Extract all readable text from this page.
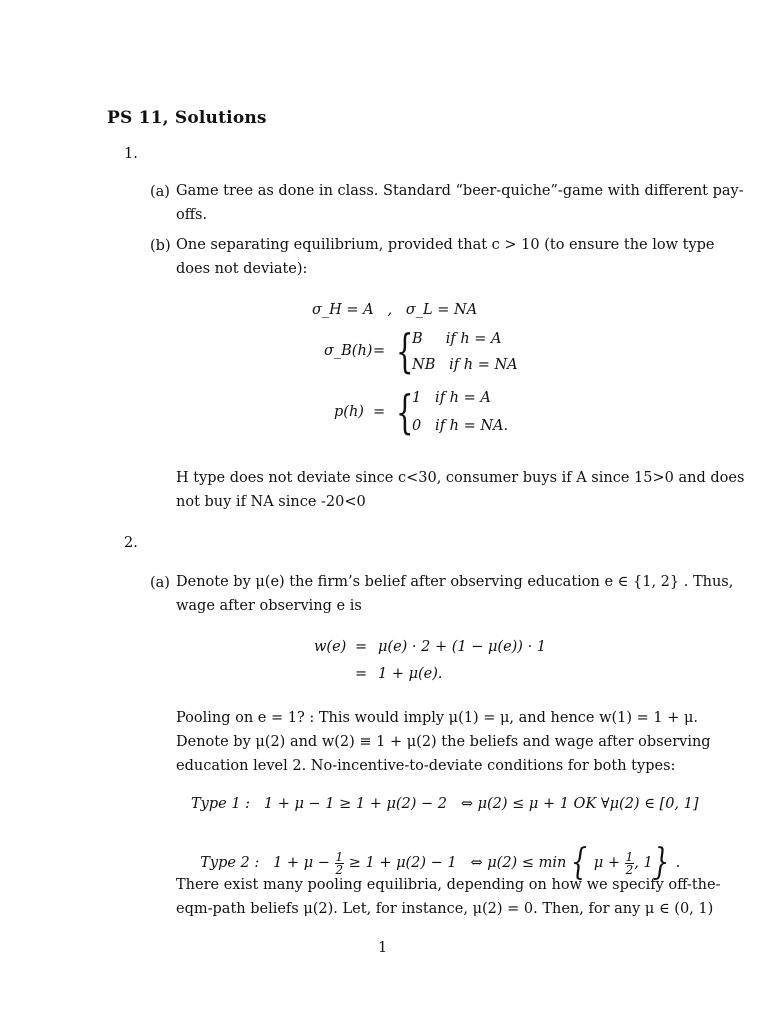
PS 11, Solutions
1.
(a) Game tree as done in class. Standard “beer-quiche”-game with different pay-
offs.
(b) One separating equilibrium, provided that c > 10 (to ensure the low type
does not deviate):
σ_H = A   ,   σ_L = NA
σ_B(h) = {
B     if h = A
NB   if h = NA
p(h) = {
1   if h = A
0   if h = NA.
H type does not deviate since c<30, consumer buys if A since 15>0 and does
not buy if NA since -20<0
2.
(a) Denote by μ(e) the firm’s belief after observing education e ∈ {1, 2} . Thus,
wage after observing e is
w(e) = μ(e) · 2 + (1 − μ(e)) · 1
= 1 + μ(e).
Pooling on e = 1? : This would imply μ(1) = μ, and hence w(1) = 1 + μ.
Denote by μ(2) and w(2) ≡ 1 + μ(2) the beliefs and wage after observing
education level 2. No-incentive-to-deviate conditions for both types:
Type 1 :   1 + μ − 1 ≥ 1 + μ(2) − 2   ⇔ μ(2) ≤ μ + 1 OK ∀μ(2) ∈ [0, 1]

Type 2 :   $1 + \mu - \frac{1}{2} \ge 1 + \mu(2) - 1$   ⇔ μ(2) ≤ min { $\mu + \frac{1}{2}$ , 1} .

There exist many pooling equilibria, depending on how we specify off-the-
eqm-path beliefs μ(2). Let, for instance, μ(2) = 0. Then, for any μ ∈ (0, 1)
1
